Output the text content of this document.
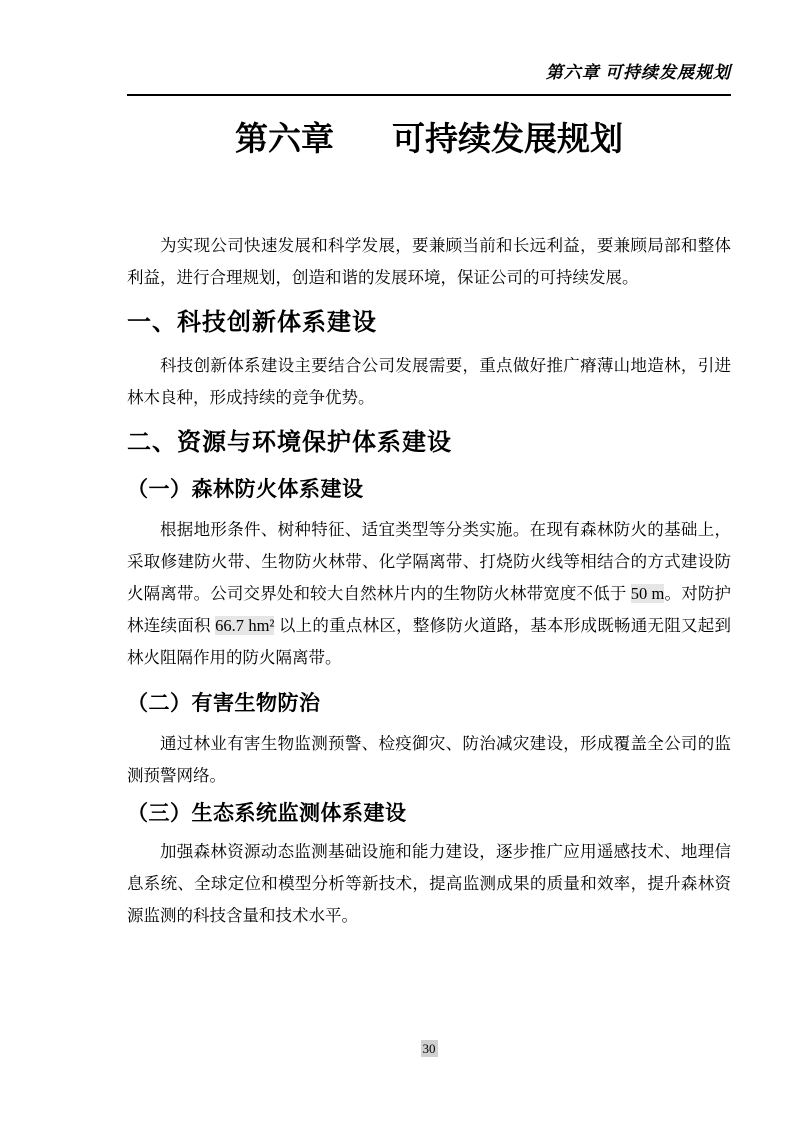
第六章 可持续发展规划
第六章 可持续发展规划

为实现公司快速发展和科学发展，要兼顾当前和长远利益，要兼顾局部和整体利益，进行合理规划，创造和谐的发展环境，保证公司的可持续发展。

一、科技创新体系建设

科技创新体系建设主要结合公司发展需要，重点做好推广瘠薄山地造林，引进林木良种，形成持续的竞争优势。

二、资源与环境保护体系建设
（一）森林防火体系建设

根据地形条件、树种特征、适宜类型等分类实施。在现有森林防火的基础上，采取修建防火带、生物防火林带、化学隔离带、打烧防火线等相结合的方式建设防火隔离带。公司交界处和较大自然林片内的生物防火林带宽度不低于 50 m。对防护林连续面积 66.7 hm² 以上的重点林区，整修防火道路，基本形成既畅通无阻又起到林火阻隔作用的防火隔离带。

（二）有害生物防治

通过林业有害生物监测预警、检疫御灾、防治减灾建设，形成覆盖全公司的监测预警网络。

（三）生态系统监测体系建设

加强森林资源动态监测基础设施和能力建设，逐步推广应用遥感技术、地理信息系统、全球定位和模型分析等新技术，提高监测成果的质量和效率，提升森林资源监测的科技含量和技术水平。

30
